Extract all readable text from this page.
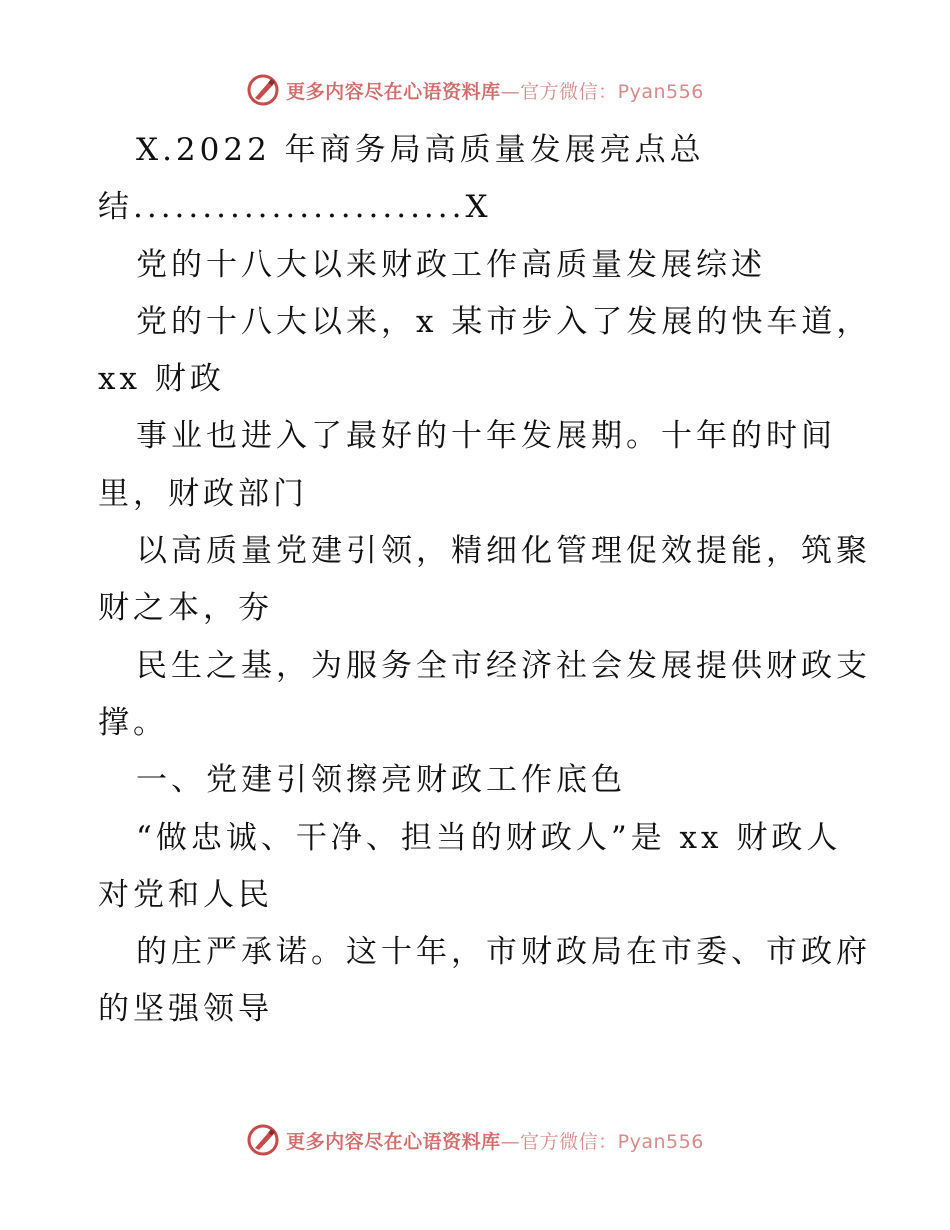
更多内容尽在心语资料库—官方微信：Pyan556
X.2022 年商务局高质量发展亮点总
结........................X
党的十八大以来财政工作高质量发展综述
党的十八大以来，x 某市步入了发展的快车道，
xx 财政
事业也进入了最好的十年发展期。十年的时间
里，财政部门
以高质量党建引领，精细化管理促效提能，筑聚
财之本，夯
民生之基，为服务全市经济社会发展提供财政支
撑。
一、党建引领擦亮财政工作底色
“做忠诚、干净、担当的财政人”是 xx 财政人
对党和人民
的庄严承诺。这十年，市财政局在市委、市政府
的坚强领导
更多内容尽在心语资料库—官方微信：Pyan556
